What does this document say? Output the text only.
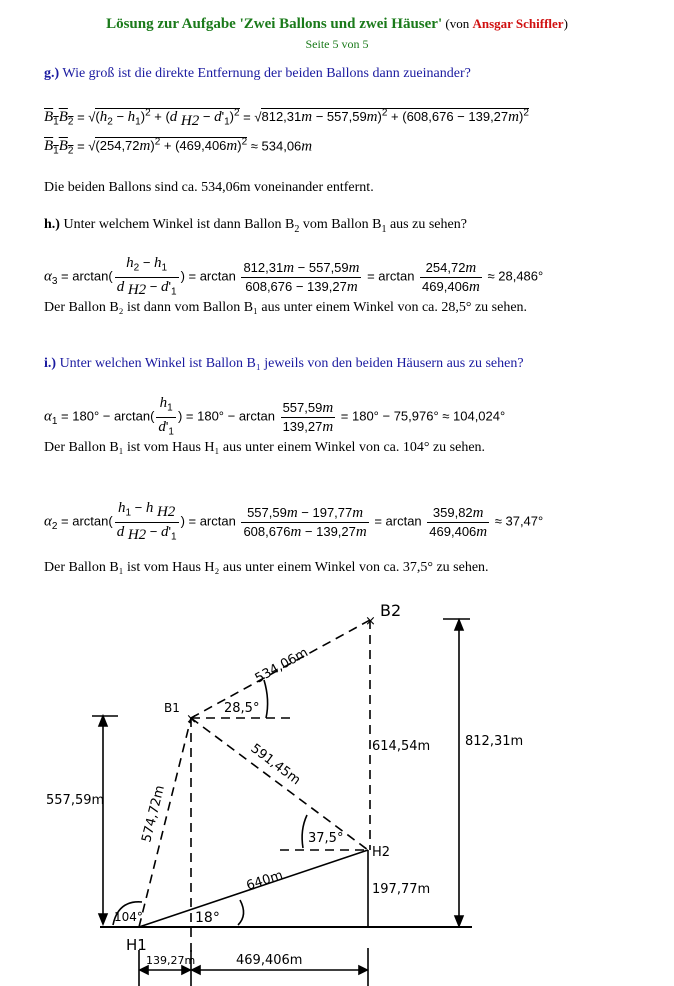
Lösung zur Aufgabe 'Zwei Ballons und zwei Häuser' (von Ansgar Schiffler)
Seite 5 von 5
g.) Wie groß ist die direkte Entfernung der beiden Ballons dann zueinander?
$B_1B_2 = √(h_2 - h_1)^2 + (d$ $_{H2} - d'_1)^2 = √812,31m - 557,59m)^2 + (608,676 - 139,27m)^2$
$B_1B_2 = √(254,72m)^2 + (469,406m)^2 \approx 534,06m$
Die beiden Ballons sind ca. 534,06m voneinander entfernt.
h.) Unter welchem Winkel ist dann Ballon $B_2$ vom Ballon $B_1$ aus zu sehen?
$\alpha_3 = \arctan( \frac{h_2 - h_1}{d _{H2} - d'_1}$ ) = $\arctan \frac{812,31m - 557,59m}{608,676 - 139,27m} = \arctan \frac{254,72m}{469,406m} \approx 28,486^\circ$
Der Ballon B₂ ist dann vom Ballon B₁ aus unter einem Winkel von ca. 28,5° zu sehen.
i.) Unter welchen Winkel ist Ballon B₁ jeweils von den beiden Häusern aus zu sehen?
$\alpha_1 = 180^\circ - \arctan( \frac{h_1}{d'_1}$ ) = $180^\circ - \arctan \frac{557,59m}{139,27m} = 180^\circ - 75,976^\circ \approx 104,024^\circ$
Der Ballon B₁ ist vom Haus H₁ aus unter einem Winkel von ca. 104° zu sehen.
$\alpha_2 = \arctan( \frac{h_1 - h _{H2}}{d _{H2} - d'_1}$ ) = $\arctan \frac{557,59m - 197,77m}{608,676m - 139,27m} = \arctan \frac{359,82m}{469,406m} \approx 37,47^\circ$
Der Ballon B₁ ist vom Haus H₂ aus unter einem Winkel von ca. 37,5° zu sehen.
×
×
B1
B2
H1
H2
534,06m
28,5°
591,45m
37,5°
614,54m	812,31m
557,59m	574,72m
640m
104°	18°
197,77m
139,27m	469,406m
